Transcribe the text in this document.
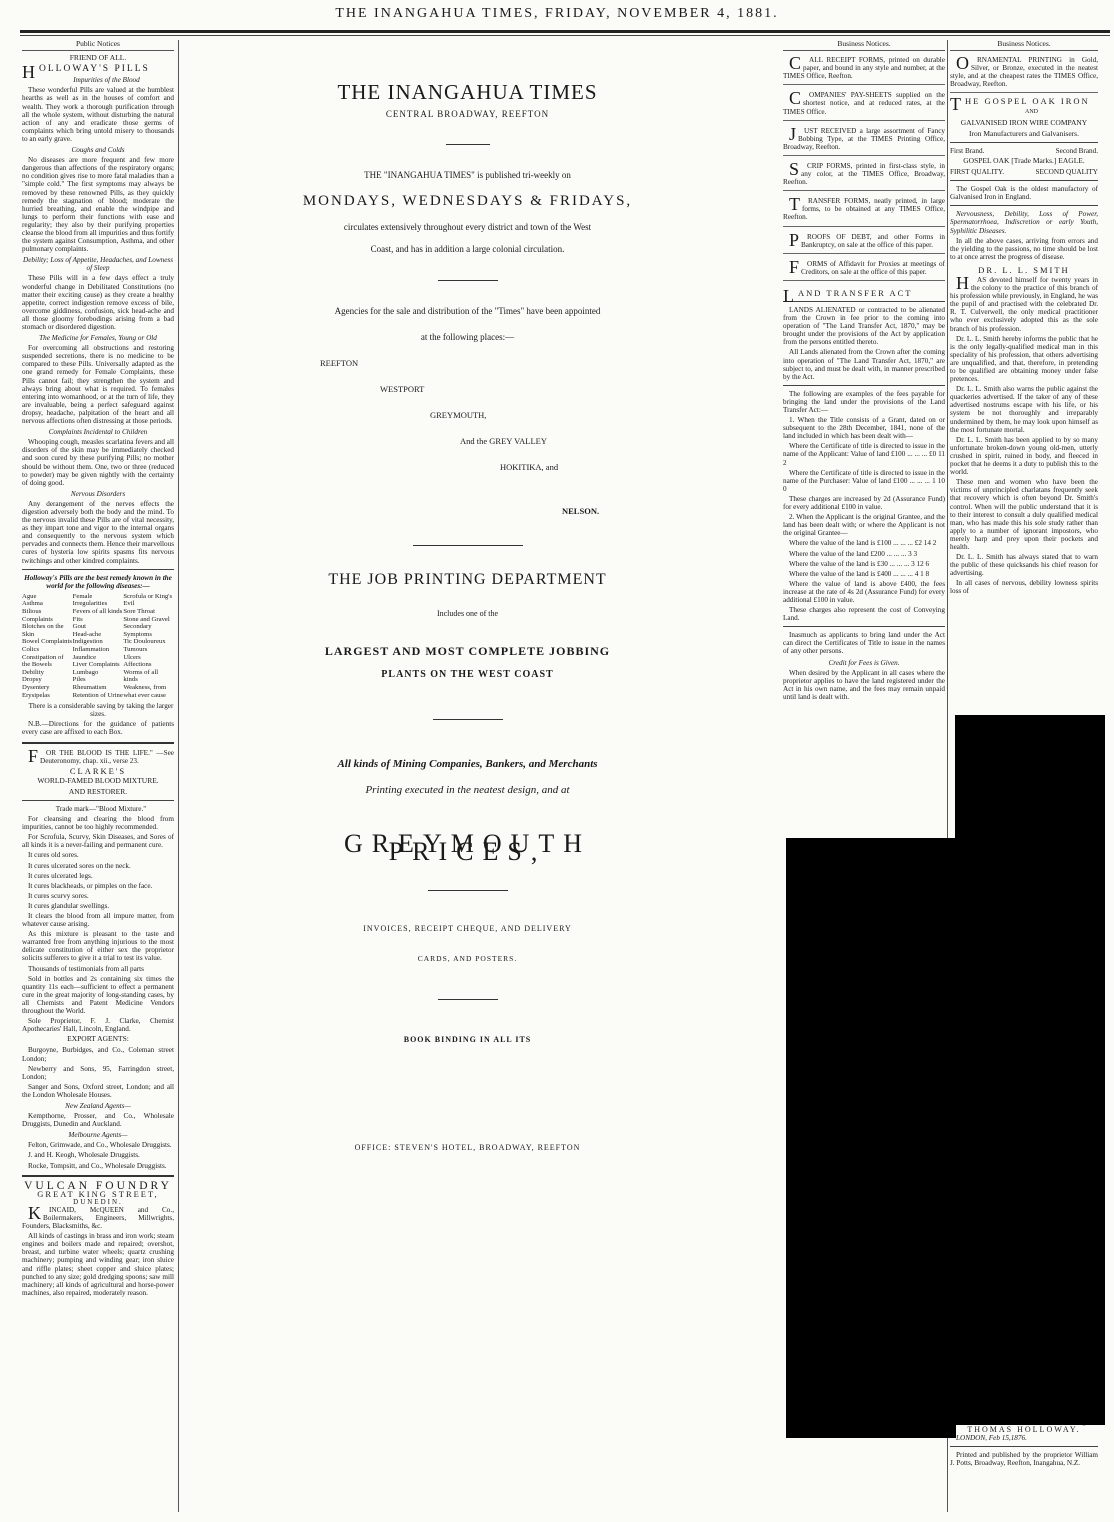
THE INANGAHUA TIMES, FRIDAY, NOVEMBER 4, 1881.
Public Notices
FRIEND OF ALL.
HOLLOWAY'S PILLS
Impurities of the Blood
These wonderful Pills are valued at the humblest hearths as well as in the houses of comfort and wealth. They work a thorough purification through all the whole system, without disturbing the natural action of any and eradicate those germs of complaints which bring untold misery to thousands to an early grave.
Coughs and Colds
No diseases are more frequent and few more dangerous than affections of the respiratory organs; no condition gives rise to more fatal maladies than a "simple cold." The first symptoms may always be removed by these renowned Pills, as they quickly remedy the stagnation of blood; moderate the hurried breathing, and enable the windpipe and lungs to perform their functions with ease and regularity; they also by their purifying properties cleanse the blood from all impurities and thus fortify the system against Consumption, Asthma, and other pulmonary complaints.
Debility; Loss of Appetite, Headaches, and Lowness of Sleep
These Pills will in a few days effect a truly wonderful change in Debilitated Constitutions (no matter their exciting cause) as they create a healthy appetite, correct indigestion remove excess of bile, overcome giddiness, confusion, sick head-ache and all those gloomy forebodings arising from a bad stomach or disordered digestion.
The Medicine for Females, Young or Old
For overcoming all obstructions and restoring suspended secretions, there is no medicine to be compared to these Pills. Universally adapted as the one grand remedy for Female Complaints, these Pills cannot fail; they strengthen the system and always bring about what is required. To females entering into womanhood, or at the turn of life, they are invaluable, being a perfect safeguard against dropsy, headache, palpitation of the heart and all nervous affections often distressing at those periods.
Complaints Incidental to Children
Whooping cough, measles scarlatina fevers and all disorders of the skin may be immediately checked and soon cured by these purifying Pills; no mother should be without them. One, two or three (reduced to powder) may be given nightly with the certainty of doing good.
Nervous Disorders
Any derangement of the nerves effects the digestion adversely both the body and the mind. To the nervous invalid these Pills are of vital necessity, as they impart tone and vigor to the internal organs and consequently to the nervous system which pervades and connects them. Hence their marvellous cures of hysteria low spirits spasms fits nervous twitchings and other kindred complaints.
Holloway's Pills are the best remedy known in the world for the following diseases:—
Ague
Asthma
Bilious Complaints
Blotches on the Skin
Bowel Complaints
Colics
Constipation of the Bowels
Debility
Dropsy
Dysentery
Erysipelas
Female Irregularities
Fevers of all kinds
Fits
Gout
Head-ache
Indigestion
Inflammation
Jaundice
Liver Complaints
Lumbago
Piles
Rheumatism
Retention of Urine
Scrofula or King's Evil
Sore Throat
Stone and Gravel
Secondary Symptoms
Tic Douloureux
Tumours
Ulcers
Affections
Worms of all kinds
Weakness, from what ever cause
There is a considerable saving by taking the larger sizes.
N.B.—Directions for the guidance of patients every case are affixed to each Box.
FOR THE BLOOD IS THE LIFE." —See Deuteronomy, chap. xii., verse 23.
CLARKE'S
WORLD-FAMED BLOOD MIXTURE.
AND RESTORER.
Trade mark—"Blood Mixture."
For cleansing and clearing the blood from impurities, cannot be too highly recommended.
For Scrofula, Scurvy, Skin Diseases, and Sores of all kinds it is a never-failing and permanent cure.
It cures old sores.
It cures ulcerated sores on the neck.
It cures ulcerated legs.
It cures blackheads, or pimples on the face.
It cures scurvy sores.
It cures glandular swellings.
It clears the blood from all impure matter, from whatever cause arising.
As this mixture is pleasant to the taste and warranted free from anything injurious to the most delicate constitution of either sex the proprietor solicits sufferers to give it a trial to test its value.
Thousands of testimonials from all parts
Sold in bottles and 2s containing six times the quantity 11s each—sufficient to effect a permanent cure in the great majority of long-standing cases, by all Chemists and Patent Medicine Vendors throughout the World.
Sole Proprietor, F. J. Clarke, Chemist Apothecaries' Hall, Lincoln, England.
EXPORT AGENTS:
Burgoyne, Burbidges, and Co., Coleman street London;
Newberry and Sons, 95, Farringdon street, London;
Sanger and Sons, Oxford street, London; and all the London Wholesale Houses.
New Zealand Agents—
Kempthorne, Prosser, and Co., Wholesale Druggists, Dunedin and Auckland.
Melbourne Agents—
Felton, Grimwade, and Co., Wholesale Druggists.
J. and H. Keogh, Wholesale Druggists.
Rocke, Tompsitt, and Co., Wholesale Druggists.
VULCAN FOUNDRY
GREAT KING STREET,
DUNEDIN.
KINCAID, McQUEEN and Co., Boilermakers, Engineers, Millwrights, Founders, Blacksmiths, &c.
All kinds of castings in brass and iron work; steam engines and boilers made and repaired; overshot, breast, and turbine water wheels; quartz crushing machinery; pumping and winding gear; iron sluice and riffle plates; sheet copper and sluice plates; punched to any size; gold dredging spoons; saw mill machinery; all kinds of agricultural and horse-power machines, also repaired, moderately reason.
THE INANGAHUA TIMES
CENTRAL BROADWAY, REEFTON
THE "INANGAHUA TIMES" is published tri-weekly on
MONDAYS, WEDNESDAYS & FRIDAYS,
circulates extensively throughout every district and town of the West
Coast, and has in addition a large colonial circulation.
Agencies for the sale and distribution of the "Times" have been appointed
at the following places:—
REEFTON
WESTPORT
GREYMOUTH,
And the GREY VALLEY
HOKITIKA, and
NELSON.
THE JOB PRINTING DEPARTMENT
Includes one of the
LARGEST AND MOST COMPLETE JOBBING
PLANTS ON THE WEST COAST
All kinds of Mining Companies, Bankers, and Merchants
Printing executed in the neatest design, and at
GREYMOUTH PRICES,
INVOICES, RECEIPT CHEQUE, AND DELIVERY
CARDS, AND POSTERS.
BOOK BINDING IN ALL ITS
OFFICE: STEVEN'S HOTEL, BROADWAY, REEFTON
Business Notices.
CALL RECEIPT FORMS, printed on durable paper, and bound in any style and number, at the TIMES Office, Reefton.
COMPANIES' PAY-SHEETS supplied on the shortest notice, and at reduced rates, at the TIMES Office.
JUST RECEIVED a large assortment of Fancy Bobbing Type, at the TIMES Printing Office, Broadway, Reefton.
SCRIP FORMS, printed in first-class style, in any color, at the TIMES Office, Broadway, Reefton.
TRANSFER FORMS, neatly printed, in large forms, to be obtained at any TIMES Office, Reefton.
PROOFS OF DEBT, and other Forms in Bankruptcy, on sale at the office of this paper.
FORMS of Affidavit for Proxies at meetings of Creditors, on sale at the office of this paper.
LAND TRANSFER ACT
LANDS ALIENATED or contracted to be alienated from the Crown in fee prior to the coming into operation of "The Land Transfer Act, 1870," may be brought under the provisions of the Act by application from the persons entitled thereto.
All Lands alienated from the Crown after the coming into operation of "The Land Transfer Act, 1870," are subject to, and must be dealt with, in manner prescribed by the Act.
The following are examples of the fees payable for bringing the land under the provisions of the Land Transfer Act:—
1. When the Title consists of a Grant, dated on or subsequent to the 28th December, 1841, none of the land included in which has been dealt with—
Where the Certificate of title is directed to issue in the name of the Applicant: Value of land £100 ... ... ... £0 11 2
Where the Certificate of title is directed to issue in the name of the Purchaser: Value of land £100 ... ... ... 1 10 0
These charges are increased by 2d (Assurance Fund) for every additional £100 in value.
2. When the Applicant is the original Grantee, and the land has been dealt with; or where the Applicant is not the original Grantee—
Where the value of the land is £100 ... ... ... £2 14 2
Where the value of the land £200 ... ... ... 3 3
Where the value of the land is £30 ... ... ... 3 12 6
Where the value of the land is £400 ... ... ... 4 1 8
Where the value of land is above £400, the fees increase at the rate of 4s 2d (Assurance Fund) for every additional £100 in value.
These charges also represent the cost of Conveying Land.
Inasmuch as applicants to bring land under the Act can direct the Certificates of Title to issue in the names of any other persons.
Credit for Fees is Given.
When desired by the Applicant in all cases where the proprietor applies to have the land registered under the Act in his own name, and the fees may remain unpaid until land is dealt with.
Business Notices.
ORNAMENTAL PRINTING in Gold, Silver, or Bronze, executed in the neatest style, and at the cheapest rates the TIMES Office, Broadway, Reefton.
THE GOSPEL OAK IRON
AND
GALVANISED IRON WIRE COMPANY
Iron Manufacturers and Galvanisers.
First Brand.	Second Brand.
GOSPEL OAK [Trade Marks.] EAGLE.
FIRST QUALITY.	SECOND QUALITY
The Gospel Oak is the oldest manufactory of Galvanised Iron in England.
Nervousness, Debility, Loss of Power, Spermatorrhoea, Indiscretion or early Youth, Syphilitic Diseases.
In all the above cases, arriving from errors and the yielding to the passions, no time should be lost to at once arrest the progress of disease.
DR. L. L. SMITH
HAS devoted himself for twenty years in the colony to the practice of this branch of his profession while previously, in England, he was the pupil of and practised with the celebrated Dr. R. T. Culverwell, the only medical practitioner who ever exclusively adopted this as the sole branch of his profession.
Dr. L. L. Smith hereby informs the public that he is the only legally-qualified medical man in this speciality of his profession, that others advertising are unqualified, and that, therefore, in pretending to be qualified are obtaining money under false pretences.
Dr. L. L. Smith also warns the public against the quackeries advertised. If the taker of any of these advertised nostrums escape with his life, or his system be not thoroughly and irreparably undermined by them, he may look upon himself as the most fortunate mortal.
Dr. L. L. Smith has been applied to by so many unfortunate broken-down young old-men, utterly crushed in spirit, ruined in body, and fleeced in pocket that he deems it a duty to publish this to the world.
These men and women who have been the victims of unprincipled charlatans frequently seek that recovery which is often beyond Dr. Smith's control. When will the public understand that it is to their interest to consult a duly qualified medical man, who has made this his sole study rather than apply to a number of ignorant impostors, who merely harp and prey upon their pockets and health.
Dr. L. L. Smith has always stated that to warn the public of these quicksands his chief reason for advertising.
In all cases of nervous, debility lowness spirits loss of
THOMAS HOLLOWAY.
LONDON, Feb 15,1876.
Printed and published by the proprietor William J. Potts, Broadway, Reefton, Inangahua, N.Z.
